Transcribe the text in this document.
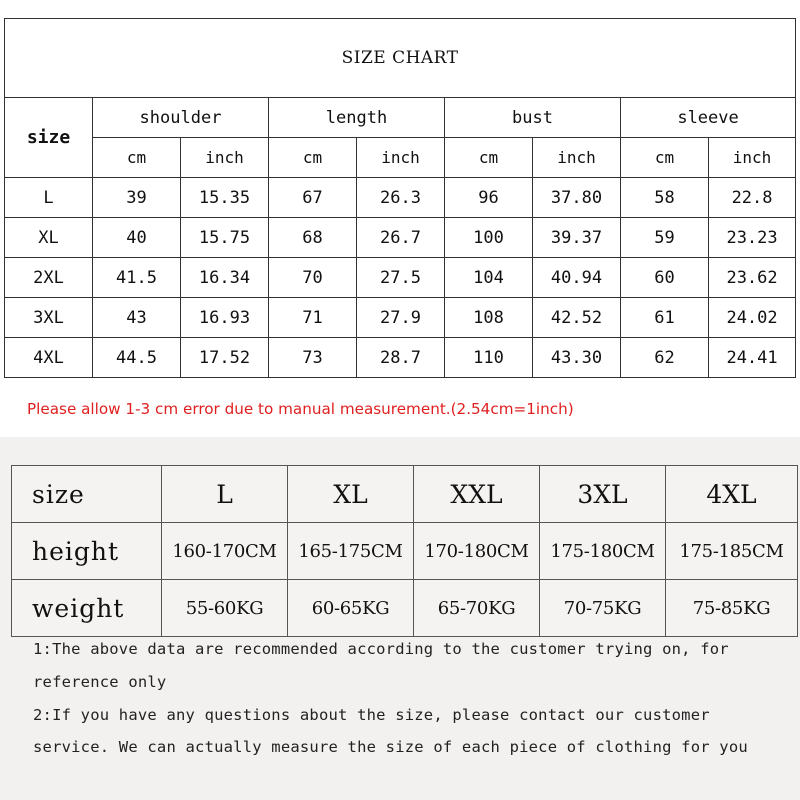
SIZE CHART								
size	shoulder		length		bust		sleeve	
	cm	inch	cm	inch	cm	inch	cm	inch
L	39	15.35	67	26.3	96	37.80	58	22.8
XL	40	15.75	68	26.7	100	39.37	59	23.23
2XL	41.5	16.34	70	27.5	104	40.94	60	23.62
3XL	43	16.93	71	27.9	108	42.52	61	24.02
4XL	44.5	17.52	73	28.7	110	43.30	62	24.41
Please allow 1-3 cm error due to manual measurement.(2.54cm=1inch)
size	L	XL	XXL	3XL	4XL
height	160-170CM	165-175CM	170-180CM	175-180CM	175-185CM
weight	55-60KG	60-65KG	65-70KG	70-75KG	75-85KG
1:The above data are recommended according to the customer trying on, for
reference only
2:If you have any questions about the size, please contact our customer
service. We can actually measure the size of each piece of clothing for you
